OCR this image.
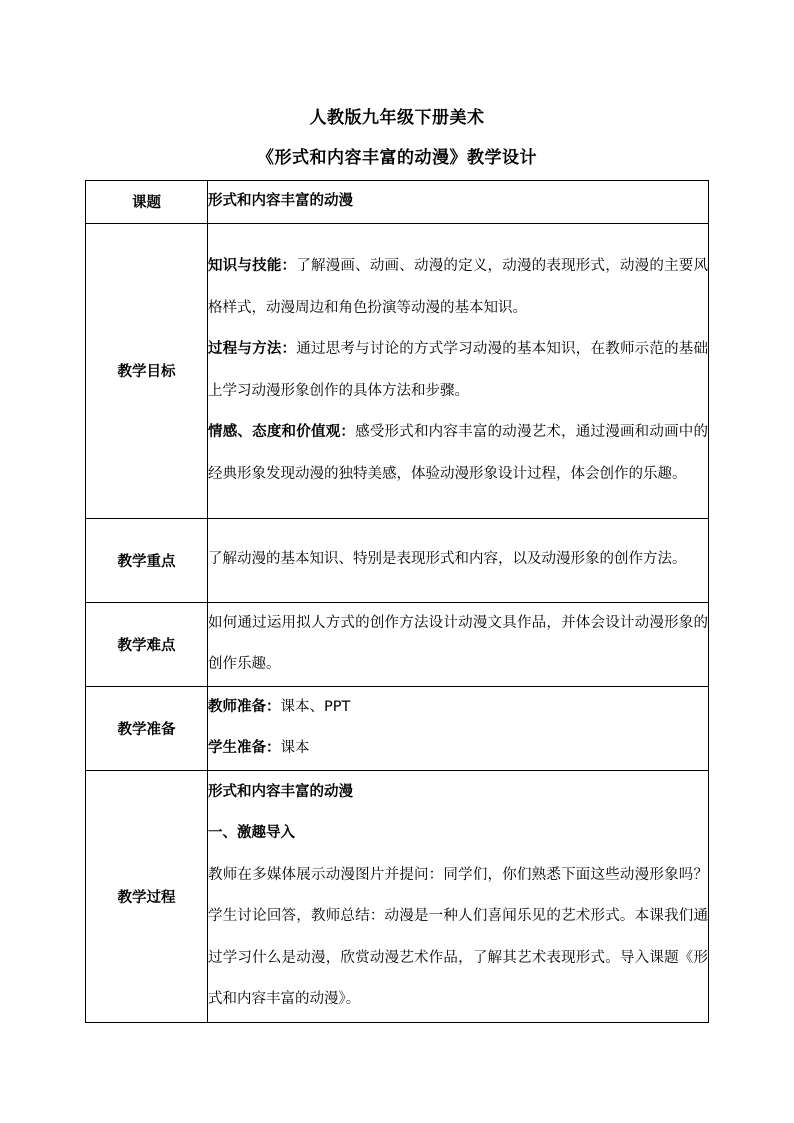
人教版九年级下册美术
《形式和内容丰富的动漫》教学设计
课题	形式和内容丰富的动漫
教学目标	知识与技能：了解漫画、动画、动漫的定义，动漫的表现形式，动漫的主要风格样式，动漫周边和角色扮演等动漫的基本知识。

过程与方法：通过思考与讨论的方式学习动漫的基本知识，在教师示范的基础上学习动漫形象创作的具体方法和步骤。

情感、态度和价值观：感受形式和内容丰富的动漫艺术，通过漫画和动画中的经典形象发现动漫的独特美感，体验动漫形象设计过程，体会创作的乐趣。

教学重点	了解动漫的基本知识、特别是表现形式和内容，以及动漫形象的创作方法。

教学难点	如何通过运用拟人方式的创作方法设计动漫文具作品，并体会设计动漫形象的创作乐趣。

教学准备	教师准备：课本、PPT

学生准备：课本

教学过程	形式和内容丰富的动漫

一、激趣导入

教师在多媒体展示动漫图片并提问：同学们，你们熟悉下面这些动漫形象吗？学生讨论回答，教师总结：动漫是一种人们喜闻乐见的艺术形式。本课我们通过学习什么是动漫，欣赏动漫艺术作品，了解其艺术表现形式。导入课题《形式和内容丰富的动漫》。
